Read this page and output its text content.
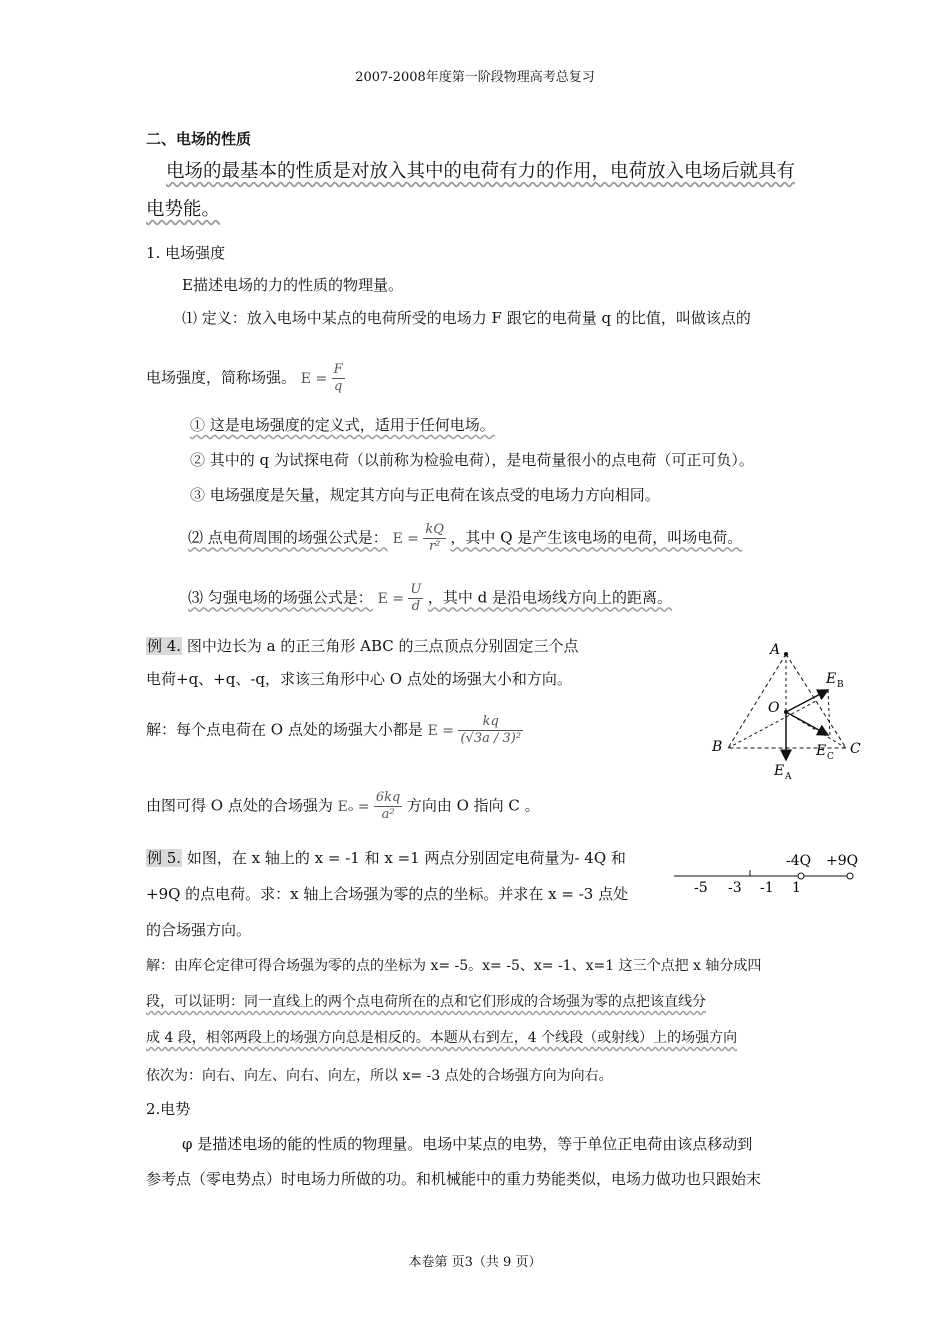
2007-2008年度第一阶段物理高考总复习
二、电场的性质
电场的最基本的性质是对放入其中的电荷有力的作用，电荷放入电场后就具有
电势能。
1. 电场强度
E描述电场的力的性质的物理量。
⑴ 定义：放入电场中某点的电荷所受的电场力 F 跟它的电荷量 q 的比值，叫做该点的
电场强度，简称场强。 $E = \frac{F}{q}$
① 这是电场强度的定义式，适用于任何电场。
② 其中的 q 为试探电荷（以前称为检验电荷），是电荷量很小的点电荷（可正可负）。
③ 电场强度是矢量，规定其方向与正电荷在该点受的电场力方向相同。
⑵ 点电荷周围的场强公式是： $E = \frac{kQ}{\text{r²}}$ ，其中 Q 是产生该电场的电荷，叫场电荷。
⑶ 匀强电场的场强公式是： $E = \frac{U}{d}$ ，其中 d 是沿电场线方向上的距离。
例 4. 图中边长为 a 的正三角形 ABC 的三点顶点分别固定三个点
电荷+q、+q、-q，求该三角形中心 O 点处的场强大小和方向。
解：每个点电荷在 O 点处的场强大小都是 $E = \frac{kq}{\text{(√3a / 3)²}}$
由图可得 O 点处的合场强为 $E_o = \frac{6kq}{\text{a²}}$ 方向由 O 指向 C 。
A
B	C
O
E B
E C
E A
例 5. 如图，在 x 轴上的 x = -1 和 x =1 两点分别固定电荷量为- 4Q 和
+9Q 的点电荷。求：x 轴上合场强为零的点的坐标。并求在 x = -3 点处
的合场强方向。
-4Q +9Q
-5 -3 -1 1
解：由库仑定律可得合场强为零的点的坐标为 x= -5。x= -5、x= -1、x=1 这三个点把 x 轴分成四
段，可以证明：同一直线上的两个点电荷所在的点和它们形成的合场强为零的点把该直线分
成 4 段，相邻两段上的场强方向总是相反的。本题从右到左，4 个线段（或射线）上的场强方向
依次为：向右、向左、向右、向左，所以 x= -3 点处的合场强方向为向右。
2.电势
φ 是描述电场的能的性质的物理量。电场中某点的电势，等于单位正电荷由该点移动到
参考点（零电势点）时电场力所做的功。和机械能中的重力势能类似，电场力做功也只跟始末
本卷第 页3（共 9 页）
